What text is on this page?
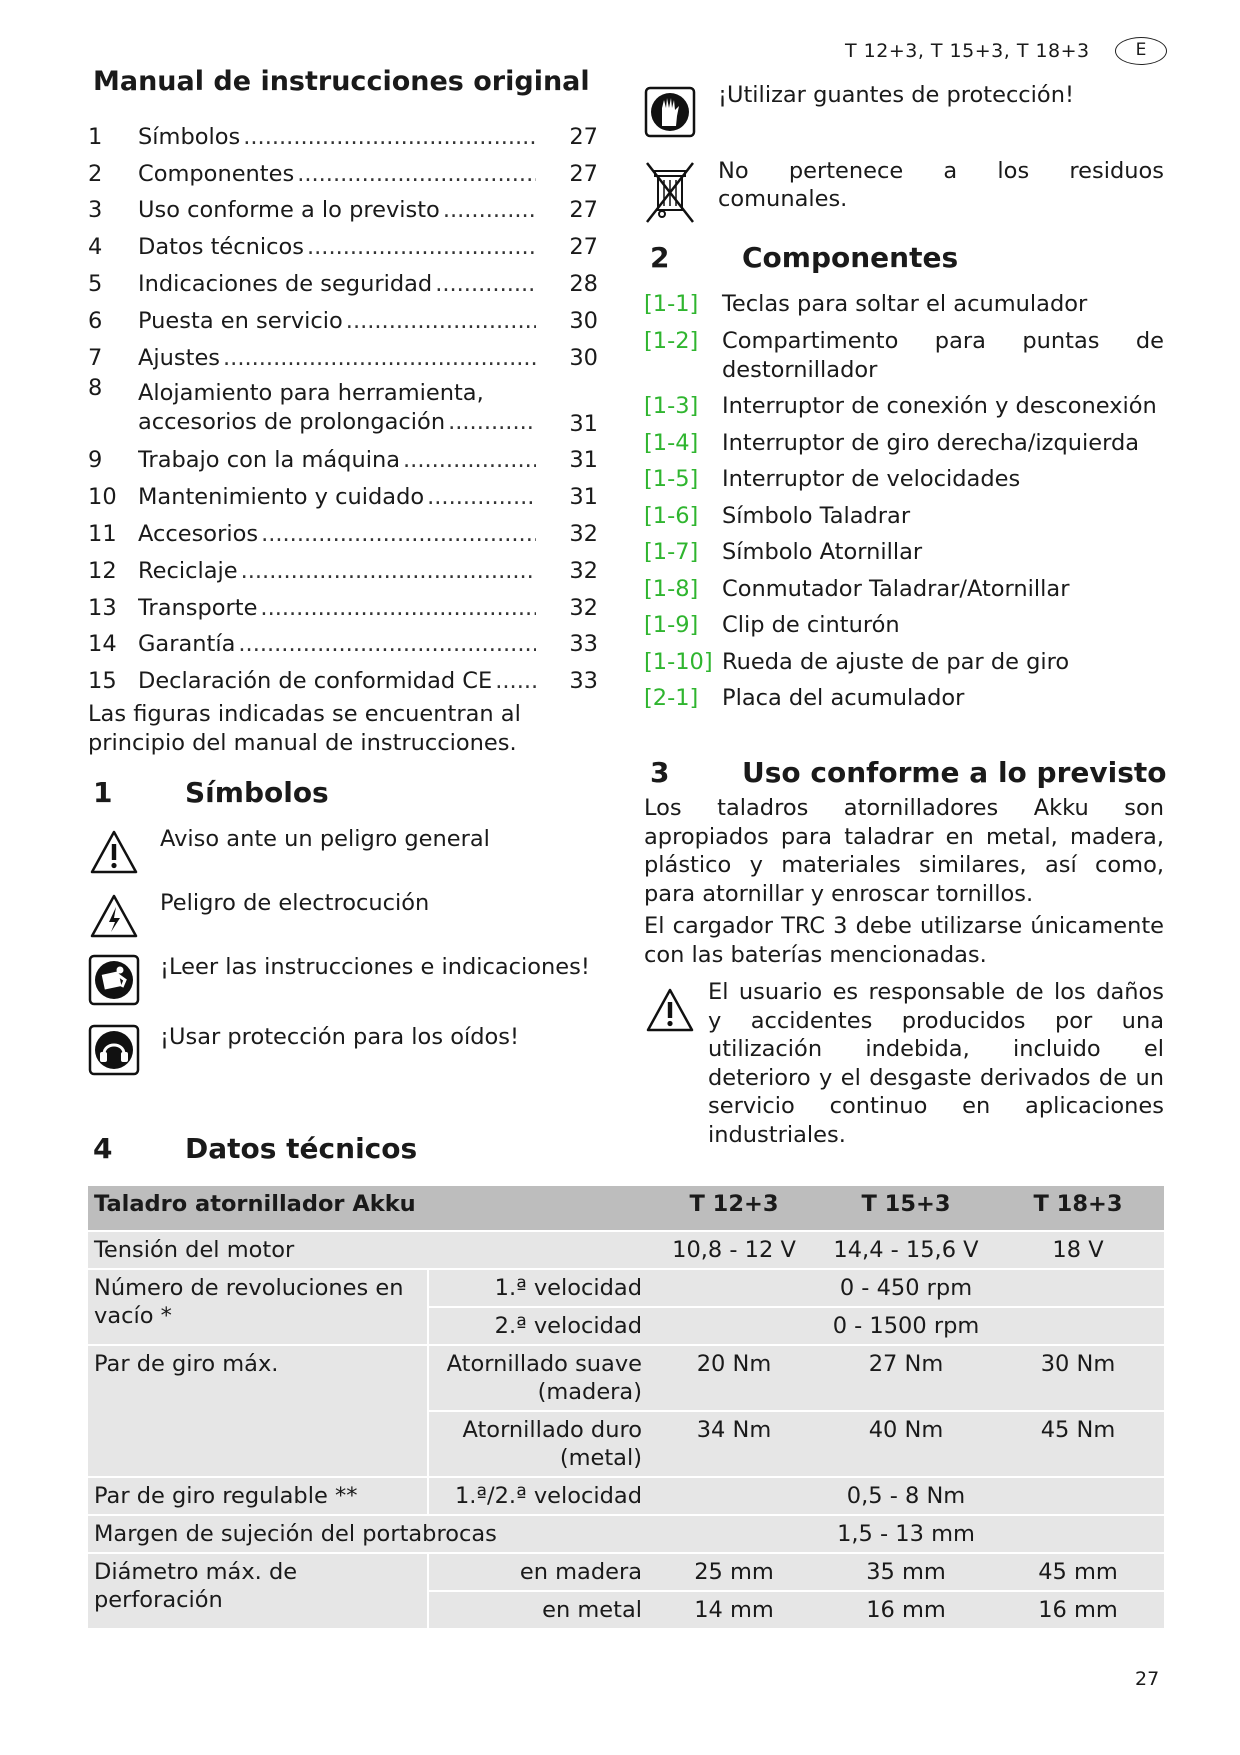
T 12+3, T 15+3, T 18+3	E
Manual de instrucciones original
1	Símbolos .....	27
2	Componentes .....	27
3	Uso conforme a lo previsto .....	27
4	Datos técnicos .....	27
5	Indicaciones de seguridad .....	28
6	Puesta en servicio .....	30
7	Ajustes .....	30
8	Alojamiento para herramienta,
accesorios de prolongación .....	31
9	Trabajo con la máquina .....	31
10 Mantenimiento y cuidado .....	31
11 Accesorios .....	32
12 Reciclaje .....	32
13 Transporte .....	32
14 Garantía .....	33
15 Declaración de conformidad CE .....	33
Las figuras indicadas se encuentran al principio del manual de instrucciones.
1	Símbolos
Aviso ante un peligro general
Peligro de electrocución
¡Leer las instrucciones e indicaciones!
¡Usar protección para los oídos!
¡Utilizar guantes de protección!
No pertenece a los residuos comunales.
2	Componentes
[1-1] Teclas para soltar el acumulador
[1-2] Compartimento para puntas de destornillador
[1-3] Interruptor de conexión y desconexión
[1-4] Interruptor de giro derecha/izquierda
[1-5] Interruptor de velocidades
[1-6] Símbolo Taladrar
[1-7] Símbolo Atornillar
[1-8] Conmutador Taladrar/Atornillar
[1-9] Clip de cinturón
[1-10] Rueda de ajuste de par de giro
[2-1] Placa del acumulador
3	Uso conforme a lo previsto
Los taladros atornilladores Akku son apropiados para taladrar en metal, madera, plástico y materiales similares, así como, para atornillar y enroscar tornillos.
El cargador TRC 3 debe utilizarse únicamente con las baterías mencionadas.
El usuario es responsable de los daños y accidentes producidos por una utilización indebida, incluido el deterioro y el desgaste derivados de un servicio continuo en aplicaciones industriales.
4	Datos técnicos
Taladro atornillador Akku		T 12+3	T 15+3	T 18+3
Tensión del motor		10,8 - 12 V	14,4 - 15,6 V	18 V
Número de revoluciones en vacío *	1.ª velocidad	0 - 450 rpm		
	2.ª velocidad	0 - 1500 rpm		
Par de giro máx.	Atornillado suave (madera)	20 Nm	27 Nm	30 Nm
	Atornillado duro (metal)	34 Nm	40 Nm	45 Nm
Par de giro regulable **	1.ª/2.ª velocidad	0,5 - 8 Nm		
Margen de sujeción del portabrocas		1,5 - 13 mm		
Diámetro máx. de perforación	en madera	25 mm	35 mm	45 mm
	en metal	14 mm	16 mm	16 mm
27
